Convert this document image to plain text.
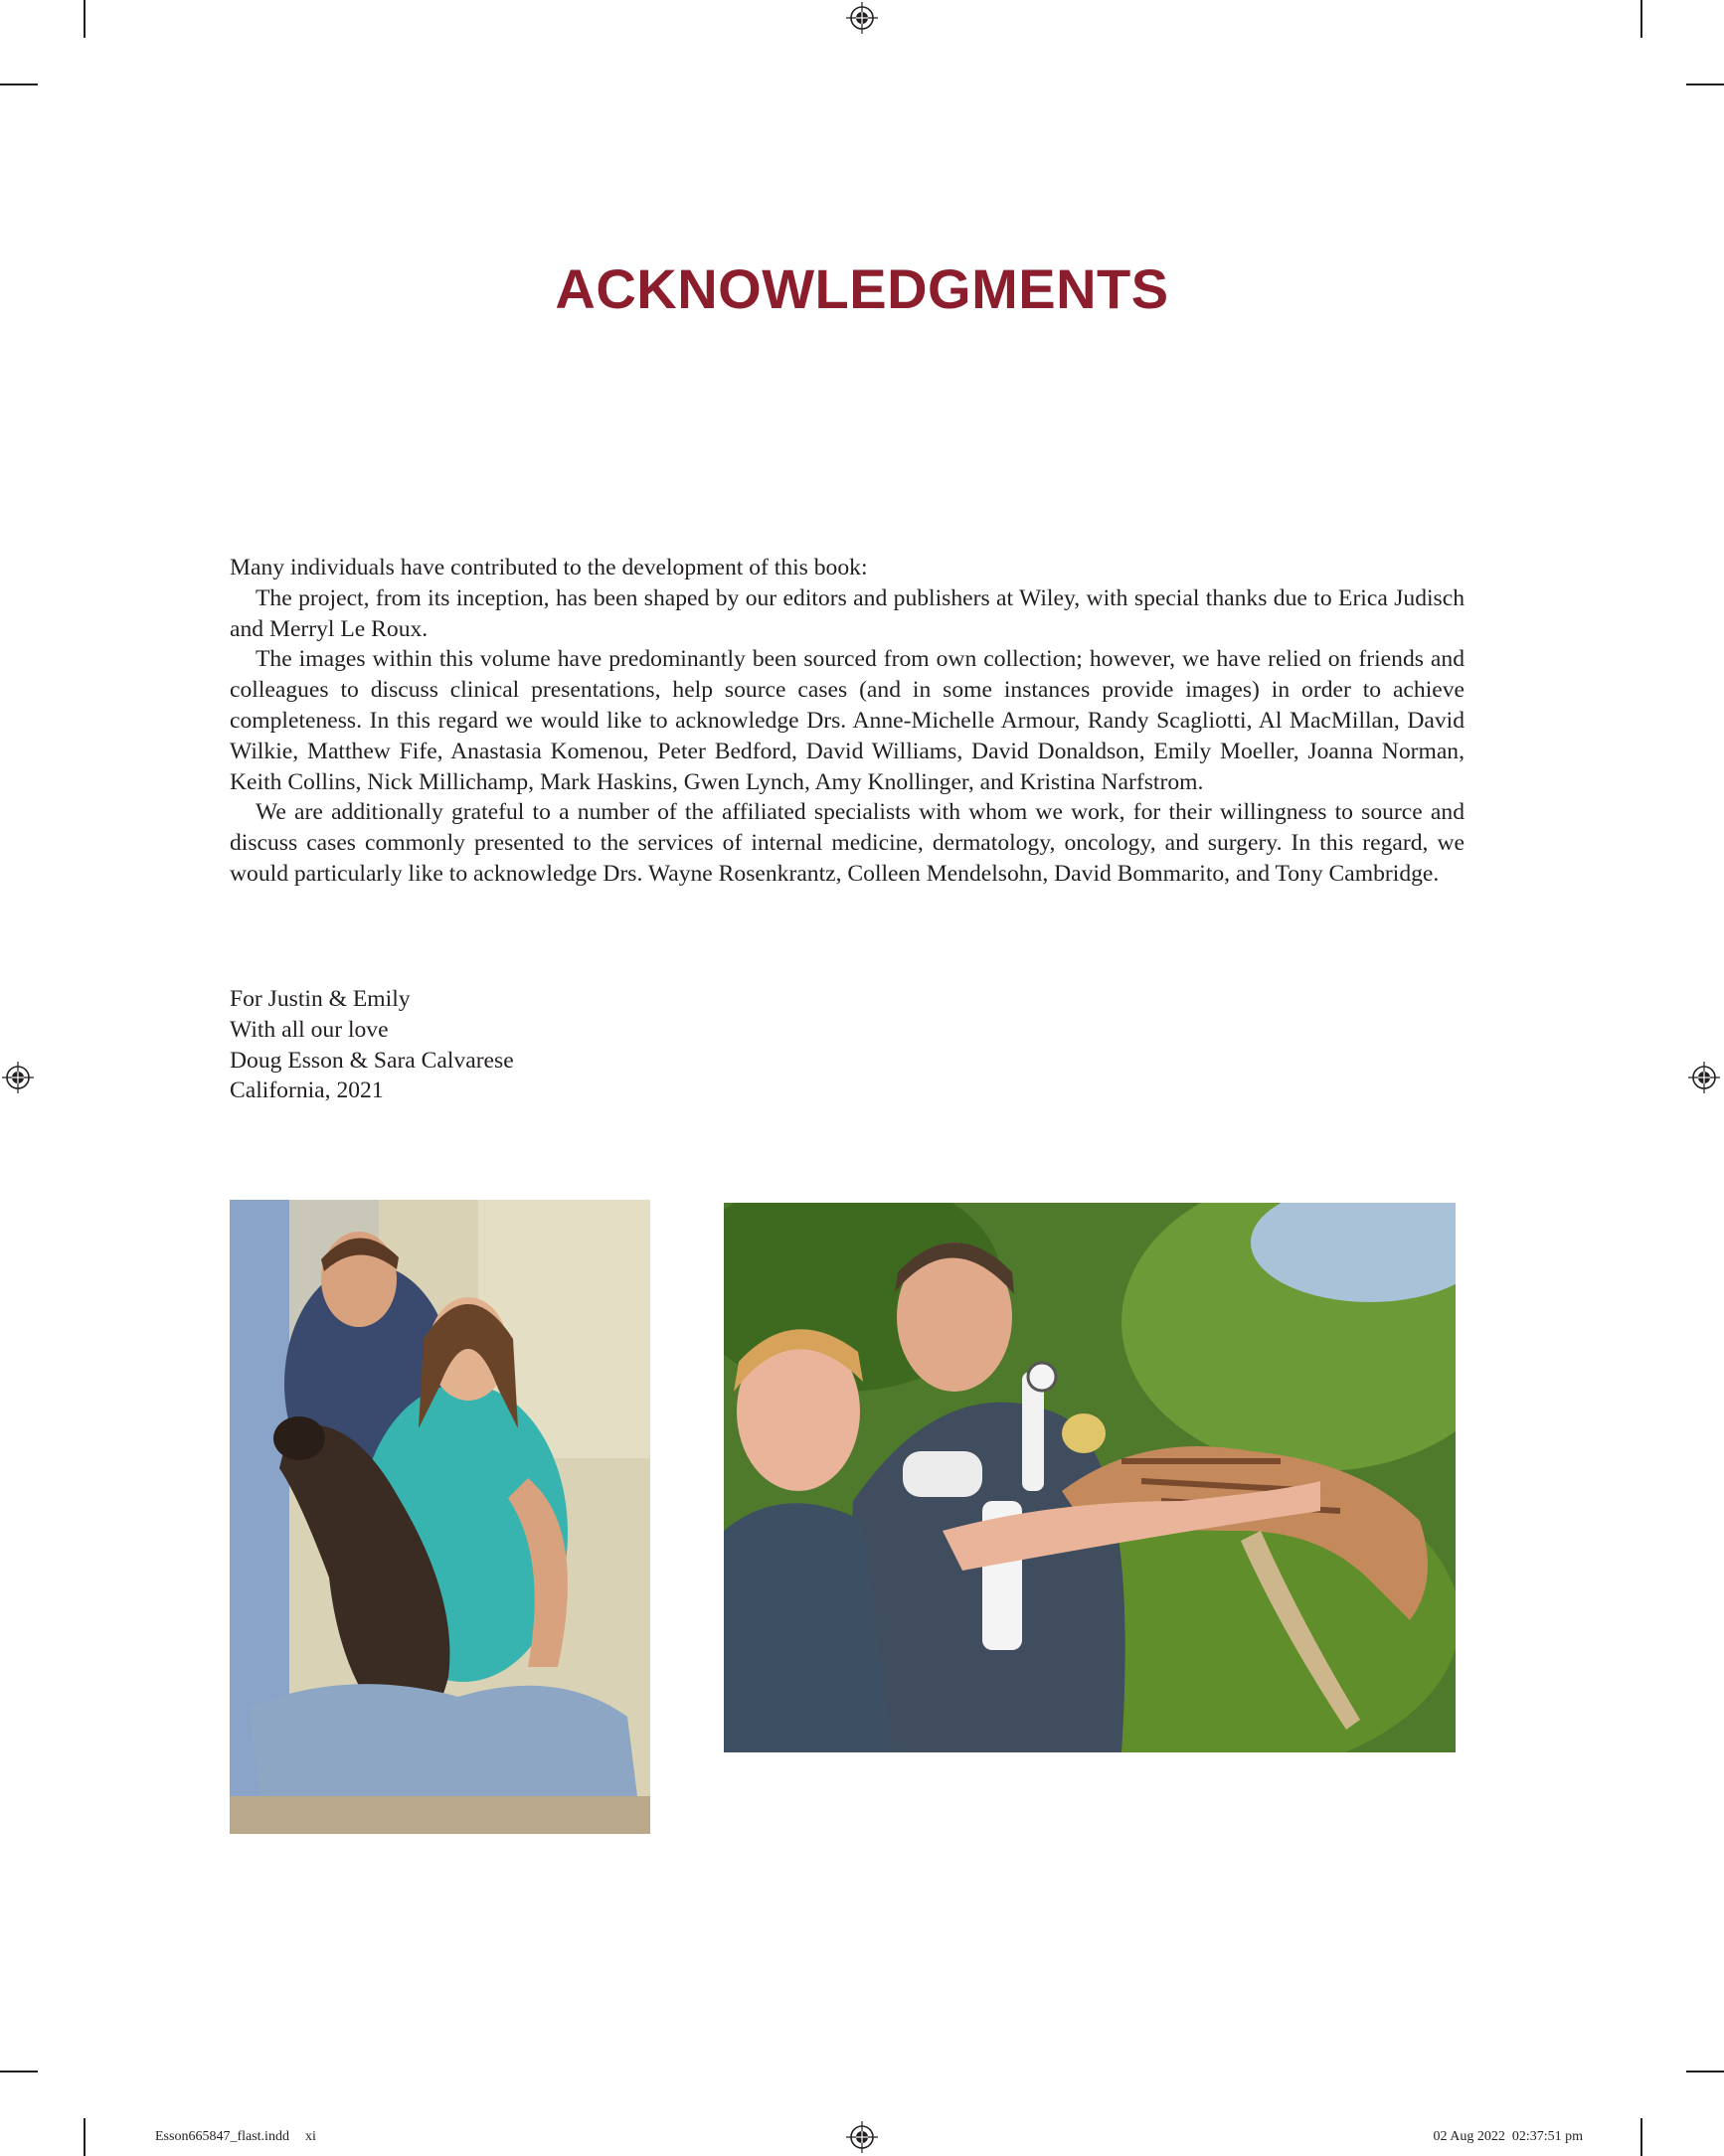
ACKNOWLEDGMENTS

Many individuals have contributed to the development of this book:

The project, from its inception, has been shaped by our editors and publishers at Wiley, with special thanks due to Erica Judisch and Merryl Le Roux.

The images within this volume have predominantly been sourced from own collection; however, we have relied on friends and colleagues to discuss clinical presentations, help source cases (and in some instances provide images) in order to achieve completeness. In this regard we would like to acknowledge Drs. Anne-Michelle Armour, Randy Scagliotti, Al MacMillan, David Wilkie, Matthew Fife, Anastasia Komenou, Peter Bedford, David Williams, David Donaldson, Emily Moeller, Joanna Norman, Keith Collins, Nick Millichamp, Mark Haskins, Gwen Lynch, Amy Knollinger, and Kristina Narfstrom.

We are additionally grateful to a number of the affiliated specialists with whom we work, for their willingness to source and discuss cases commonly presented to the services of internal medicine, dermatology, oncology, and surgery. In this regard, we would particularly like to acknowledge Drs. Wayne Rosenkrantz, Colleen Mendelsohn, David Bommarito, and Tony Cambridge.

For Justin & Emily
With all our love
Doug Esson & Sara Calvarese
California, 2021
Esson665847_flast.indd xi	02 Aug 2022 02:37:51 pm
